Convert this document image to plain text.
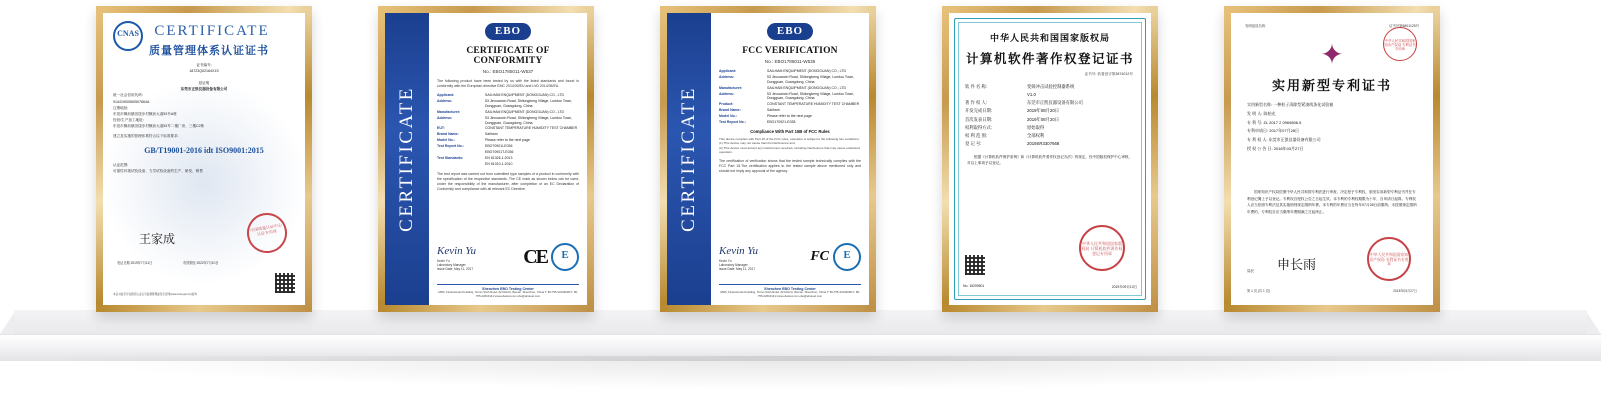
CNAS	CERTIFICATE
质量管理体系认证证书
证书编号:
18723Q02164X1S
兹证明
东莞市正凯仪器设备有限公司
统一社会信用代码:
91441900550507664A
注册地址:
东莞市横沥镇田饶步村横沥大道53号A栋
经营/生产加工地址:
东莞市横沥镇田饶步村横沥大道53号二楼厂房、三楼C2栋
建立及实施的管理体系符合以下标准要求:
GB/T19001-2016 idt ISO9001:2015
认证范围:
可靠性环境试验设备、力学试验设备的生产、研发、销售
王家成
中国质量认证中心 认证专用章
发证日期 2019年7月11日	有效期至 2022年7月10日
本证书信息可在国家认证认可监督管理委员会官网(www.cnca.gov.cn)查询
CERTIFICATE
EBO
CERTIFICATE OF CONFORMITY
No.: EBO1785011-W537
The following product have been tested by us with the listed standards and found in conformity with the European directive EMC 2014/30/EU and LVD 2014/35/EU.
Applicant:	SAILHAM ENQUIPMENT (DONGGUAN) CO., LTD
Address:	53 Jincuanxin Road, Shilongkeng Village, Luedou Town, Dongguan, Guangdong, China
Manufacturer:	SAILHAM ENQUIPMENT (DONGGUAN) CO., LTD
Address:	53 Jincuanxin Road, Shilongkeng Village, Luedou Town, Dongguan, Guangdong, China
EUT:	CONSTANT TEMPERATURE HUMIDITY TEST CHAMBER
Brand Name:	Sailham
Model No.:	Please refer to the next page
Test Report No.:	EBO70901I-E036
EBO70901T-E036
Test Standards:	EN 61326-1:2013
EN 61010-1:2010
The test report was carried out from submitted type samples of a product in conformity with the specification of the respective standards. The CE mark as shown below can be used, under the responsibility of the manufacturer, after completion of an EC Declaration of Conformity and compliance with all relevant EC Directive.
Kevin Yu
Kevin Yu
Laboratory Manager
Issue Date: May 11, 2017
CE	E
Shenzhen EBO Testing Center
A506, Financial and building, Xin'an Sixth Road, 62 District, Bao'an, Shenzhen, China T: 86-755-33129008 F: 86-755-22616141 www.ebotest.com ebo@ebotest.com
CERTIFICATE
EBO
FCC VERIFICATION
No.: EBO1785011-W535
Applicant:	SAILHAM ENQUIPMENT (DONGGUAN) CO., LTD
Address:	53 Jincuanxin Road, Shilongkeng Village, Luedou Town, Dongguan, Guangdong, China
Manufacturer:	SAILHAM ENQUIPMENT (DONGGUAN) CO., LTD
Address:	53 Jincuanxin Road, Shilongkeng Village, Luedou Town, Dongguan, Guangdong, China
Product:	CONSTANT TEMPERATURE HUMIDITY TEST CHAMBER
Brand Name:	Sailham
Model No.:	Please refer to the next page
Test Report No.:	EBO170921-E038
Compliance With Part 15B of FCC Rules
This device complies with Part 15 of the FCC rules, operation is subject to the following two conditions:
(1) This device may not cause harmful interference and,
(2) This device must accept any interference received, including interference that may cause undesired operation.
The certification of verification shows that the tested sample technically complies with the FCC Part 15.The certification applies to the tested sample above mentioned only and should not imply any approval of the agency.
Kevin Yu
Kevin Yu
Laboratory Manager
Issue Date: May 11, 2017
FC	E
Shenzhen EBO Testing Center
A506, Financial and building, Xin'an Sixth Road, 62 District, Bao'an, Shenzhen, China T: 86-755-33129008 F: 86-755-22616141 www.ebotest.com ebo@ebotest.com
中华人民共和国国家版权局
计算机软件著作权登记证书
证书号: 软著登字第3874012号
软 件 名 称:	变频冲击试验控制器系统
V1.0
著 作 权 人:	东莞市正凯仪器设备有限公司
开发完成日期:	2019年08月20日
首次发表日期:	2019年08月20日
权利取得方式:	原始取得
权 利 范 围:	全部权利
登 记 号:	2019SR3307668
根据《计算机软件保护条例》和《计算机软件著作权登记办法》的规定，经中国版权保护中心审核，对以上事项予以登记。
中华人民共和国国家版权局 计算机软件著作权登记专用章
No. 15209501	2019年09月13日
发明创造名称	证书号第6601125号
中华人民共和国国家知识产权局 专利证书专用章
✦
实用新型专利证书
实用新型名称: 一种粒子清除型紧凑线条化试验箱
发 明 人: 陈柏光
专 利 号: ZL 2017 2 0969806.5
专利申请日: 2017年07月28日
专 利 权 人: 东莞市正凯仪器设备有限公司
授 权 公 告 日: 2018年03月27日
国家知识产权局依照中华人民共和国专利法进行审查，决定授予专利权，颁发实用新型专利证书并在专利登记簿上予以登记。专利权自授权公告之日起生效。本专利的专利权期限为十年，自申请日起算。专利权人应当依照专利法及其实施细则规定缴纳年费。本专利的年费应当在每年07月28日前缴纳。未按照规定缴纳年费的，专利权自应当缴纳年费期满之日起终止。
局长 申长雨
中华人民共和国国家知识产权局 专利证书专用章
第 1 页 (共 1 页)	2018年03月27日
